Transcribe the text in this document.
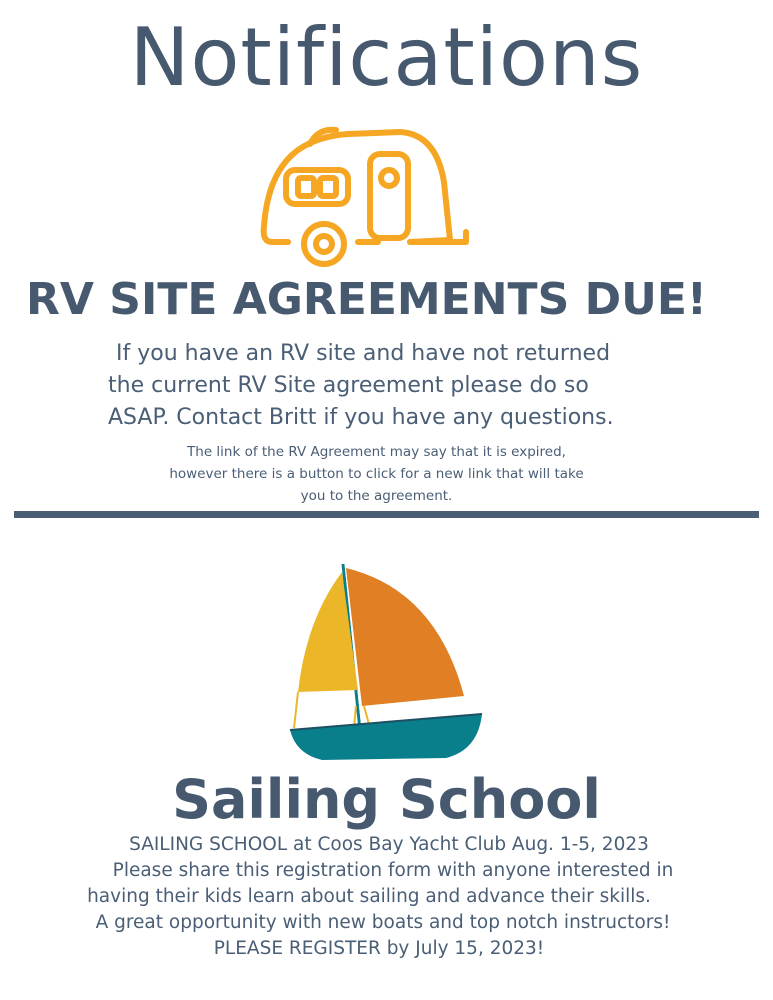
Notifications
RV SITE AGREEMENTS DUE!
If you have an RV site and have not returned
the current RV Site agreement please do so
ASAP. Contact Britt if you have any questions.
The link of the RV Agreement may say that it is expired,
however there is a button to click for a new link that will take
you to the agreement.
Sailing School
SAILING SCHOOL at Coos Bay Yacht Club Aug. 1-5, 2023
Please share this registration form with anyone interested in
having their kids learn about sailing and advance their skills.
A great opportunity with new boats and top notch instructors!
PLEASE REGISTER by July 15, 2023!
